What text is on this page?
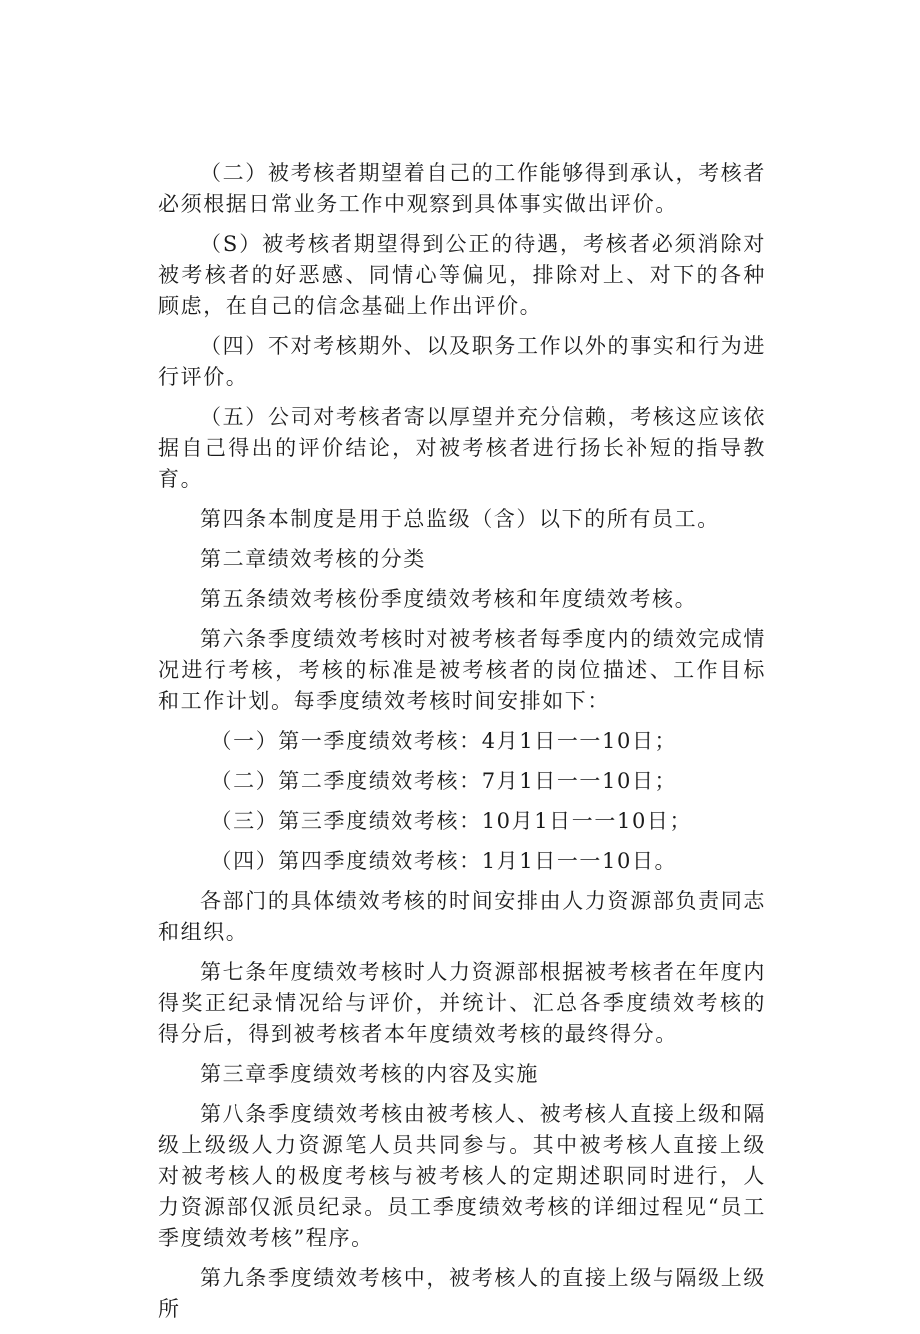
（二）被考核者期望着自己的工作能够得到承认，考核者必须根据日常业务工作中观察到具体事实做出评价。

（S）被考核者期望得到公正的待遇，考核者必须消除对被考核者的好恶感、同情心等偏见，排除对上、对下的各种顾虑，在自己的信念基础上作出评价。

（四）不对考核期外、以及职务工作以外的事实和行为进行评价。

（五）公司对考核者寄以厚望并充分信赖，考核这应该依据自己得出的评价结论，对被考核者进行扬长补短的指导教育。

第四条本制度是用于总监级（含）以下的所有员工。

第二章绩效考核的分类

第五条绩效考核份季度绩效考核和年度绩效考核。

第六条季度绩效考核时对被考核者每季度内的绩效完成情况进行考核，考核的标准是被考核者的岗位描述、工作目标和工作计划。每季度绩效考核时间安排如下：

（一）第一季度绩效考核：4月1日一一10日；

（二）第二季度绩效考核：7月1日一一10日；

（三）第三季度绩效考核：10月1日一一10日；

（四）第四季度绩效考核：1月1日一一10日。

各部门的具体绩效考核的时间安排由人力资源部负责同志和组织。

第七条年度绩效考核时人力资源部根据被考核者在年度内得奖正纪录情况给与评价，并统计、汇总各季度绩效考核的得分后，得到被考核者本年度绩效考核的最终得分。

第三章季度绩效考核的内容及实施

第八条季度绩效考核由被考核人、被考核人直接上级和隔级上级级人力资源笔人员共同参与。其中被考核人直接上级对被考核人的极度考核与被考核人的定期述职同时进行，人力资源部仅派员纪录。员工季度绩效考核的详细过程见“员工季度绩效考核”程序。

第九条季度绩效考核中，被考核人的直接上级与隔级上级所
